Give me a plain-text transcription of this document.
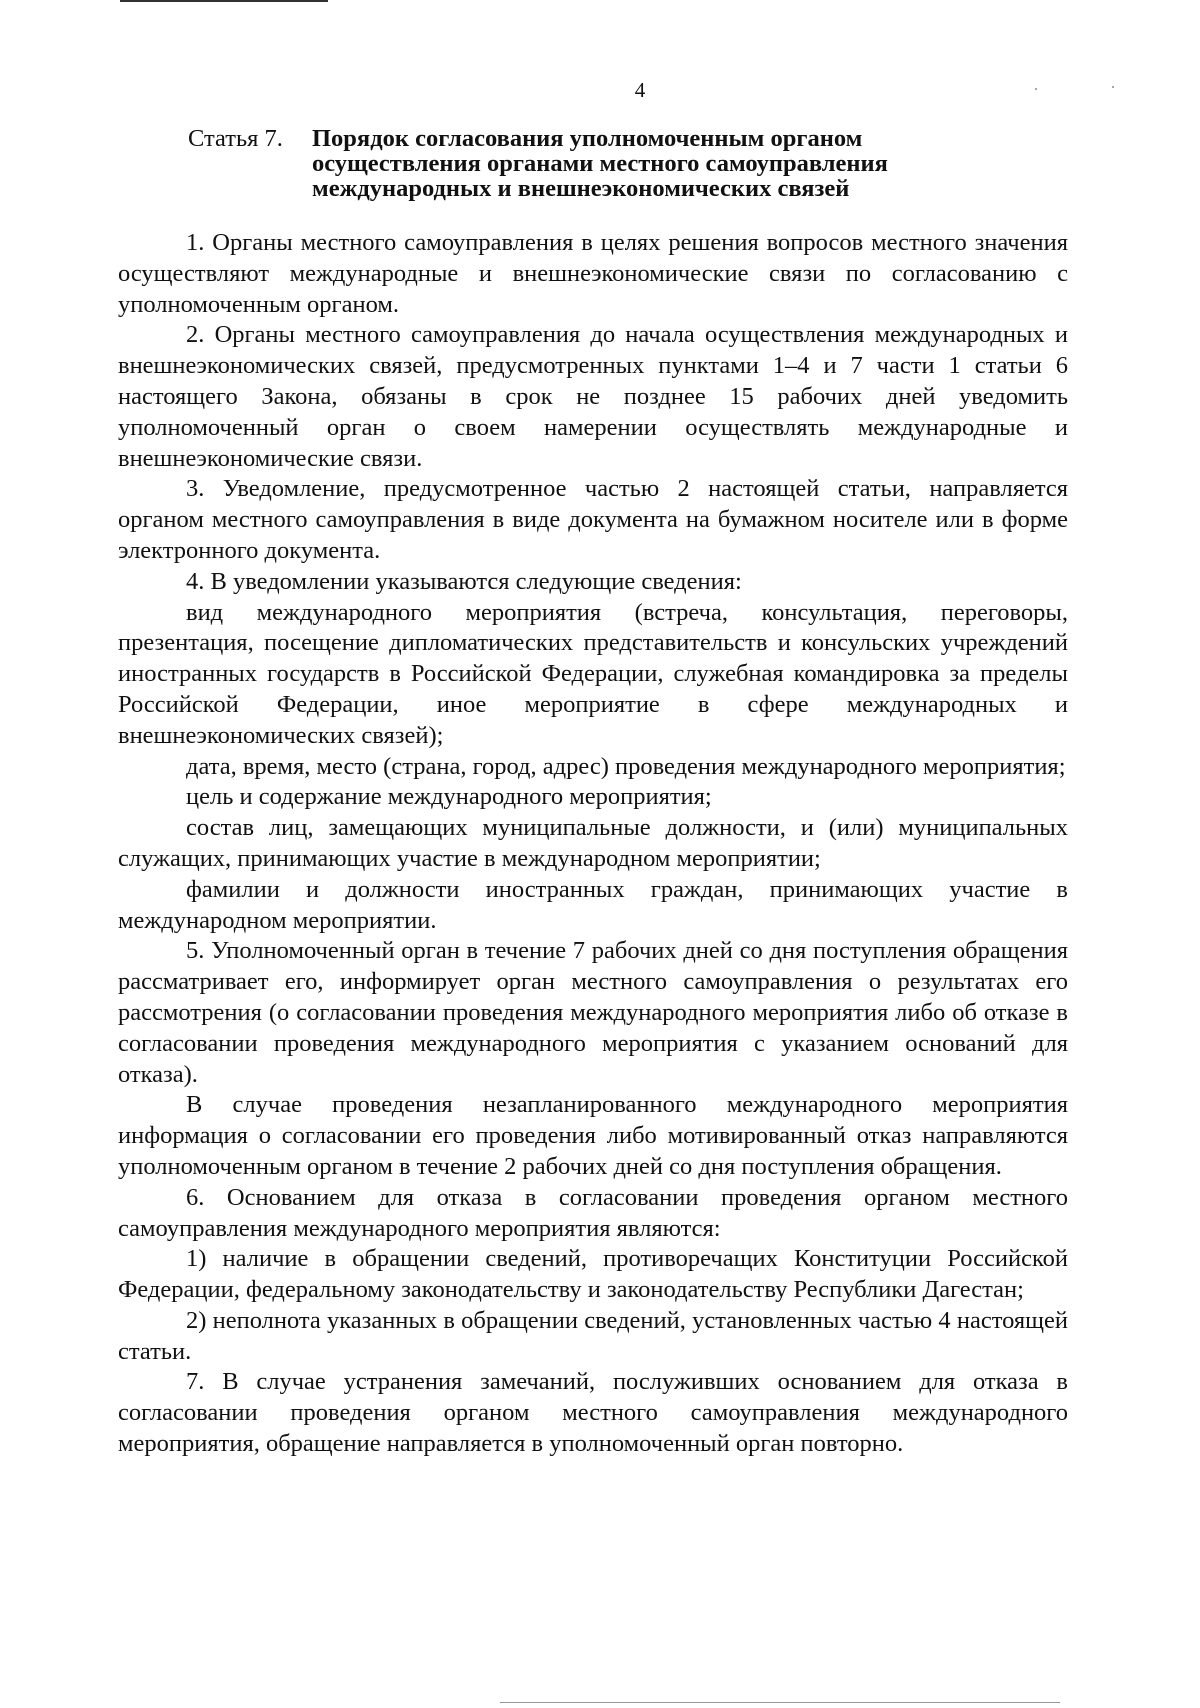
4
Статья 7. Порядок согласования уполномоченным органом
осуществления органами местного самоуправления
международных и внешнеэкономических связей

1. Органы местного самоуправления в целях решения вопросов местного значения осуществляют международные и внешнеэкономические связи по согласованию с уполномоченным органом.

2. Органы местного самоуправления до начала осуществления международных и внешнеэкономических связей, предусмотренных пунктами 1–4 и 7 части 1 статьи 6 настоящего Закона, обязаны в срок не позднее 15 рабочих дней уведомить уполномоченный орган о своем намерении осуществлять международные и внешнеэкономические связи.

3. Уведомление, предусмотренное частью 2 настоящей статьи, направляется органом местного самоуправления в виде документа на бумажном носителе или в форме электронного документа.

4. В уведомлении указываются следующие сведения:

вид международного мероприятия (встреча, консультация, переговоры, презентация, посещение дипломатических представительств и консульских учреждений иностранных государств в Российской Федерации, служебная командировка за пределы Российской Федерации, иное мероприятие в сфере международных и внешнеэкономических связей);

дата, время, место (страна, город, адрес) проведения международного мероприятия;

цель и содержание международного мероприятия;

состав лиц, замещающих муниципальные должности, и (или) муниципальных служащих, принимающих участие в международном мероприятии;

фамилии и должности иностранных граждан, принимающих участие в международном мероприятии.

5. Уполномоченный орган в течение 7 рабочих дней со дня поступления обращения рассматривает его, информирует орган местного самоуправления о результатах его рассмотрения (о согласовании проведения международного мероприятия либо об отказе в согласовании проведения международного мероприятия с указанием оснований для отказа).

В случае проведения незапланированного международного мероприятия информация о согласовании его проведения либо мотивированный отказ направляются уполномоченным органом в течение 2 рабочих дней со дня поступления обращения.

6. Основанием для отказа в согласовании проведения органом местного самоуправления международного мероприятия являются:

1) наличие в обращении сведений, противоречащих Конституции Российской Федерации, федеральному законодательству и законодательству Республики Дагестан;

2) неполнота указанных в обращении сведений, установленных частью 4 настоящей статьи.

7. В случае устранения замечаний, послуживших основанием для отказа в согласовании проведения органом местного самоуправления международного мероприятия, обращение направляется в уполномоченный орган повторно.
